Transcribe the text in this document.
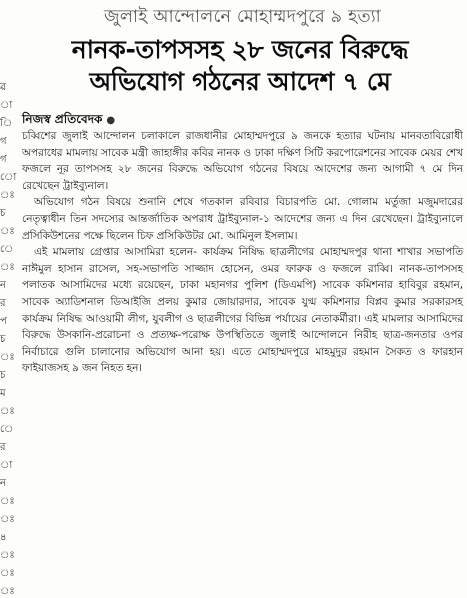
ৱ
া
ি
গ
গ
ো
ঃ
চ
ঃ
ে
ঃ
ন
র
প
চ
ঃ
চ
ম
ঃ
ে
র
া
ন
ঃ
ঃ
৪
ঃ
ঃ
ঃ
জুলাই আন্দোলনে মোহাম্মদপুরে ৯ হত্যা
নানক-তাপসসহ ২৮ জনের বিরুদ্ধে
অভিযোগ গঠনের আদেশ ৭ মে
নিজস্ব প্রতিবেদক ●

চব্বিশের জুলাই আন্দোলন চলাকালে রাজধানীর মোহাম্মদপুরে ৯ জনকে হত্যার ঘটনায় মানবতাবিরোধী অপরাধের মামলায় সাবেক মন্ত্রী জাহাঙ্গীর কবির নানক ও ঢাকা দক্ষিণ সিটি করপোরেশনের সাবেক মেয়র শেখ ফজলে নূর তাপসসহ ২৮ জনের বিরুদ্ধে অভিযোগ গঠনের বিষয়ে আদেশের জন্য আগামী ৭ মে দিন রেখেছেন ট্রাইব্যুনাল।

অভিযোগ গঠন বিষয়ে শুনানি শেষে গতকাল রবিবার বিচারপতি মো. গোলাম মর্তুজা মজুমদারের নেতৃত্বাধীন তিন সদস্যের আন্তর্জাতিক অপরাধ ট্রাইব্যুনাল-১ আদেশের জন্য এ দিন রেখেছেন। ট্রাইব্যুনালে প্রসিকিউশনের পক্ষে ছিলেন চিফ প্রসিকিউটর মো. আমিনুল ইসলাম।

এই মামলায় গ্রেপ্তার আসামিরা হলেন- কার্যক্রম নিষিদ্ধ ছাত্রলীগের মোহাম্মদপুর থানা শাখার সভাপতি নাঈমুল হাসান রাসেল, সহ-সভাপতি সাজ্জাদ হোসেন, ওমর ফারুক ও ফজলে রাব্বি। নানক-তাপসসহ পলাতক আসামিদের মধ্যে রয়েছেন, ঢাকা মহানগর পুলিশ (ডিএমপি) সাবেক কমিশনার হাবিবুর রহমান, সাবেক অ্যাডিশনাল ডিআইজি প্রলয় কুমার জোয়ারদার, সাবেক যুগ্ম কমিশনার বিপ্লব কুমার সরকারসহ কার্যক্রম নিষিদ্ধ আওয়ামী লীগ, যুবলীগ ও ছাত্রলীগের বিভিন্ন পর্যায়ের নেতাকর্মীরা। এই মামলার আসামিদের বিরুদ্ধে উসকানি-প্ররোচনা ও প্রত্যক্ষ-পরোক্ষ উপস্থিতিতে জুলাই আন্দোলনে নিরীহ ছাত্র-জনতার ওপর নির্বাচারে গুলি চালানোর অভিযোগ আনা হয়। এতে মোহাম্মদপুরে মাহমুদুর রহমান সৈকত ও ফারহান ফাইয়াজসহ ৯ জন নিহত হন।
